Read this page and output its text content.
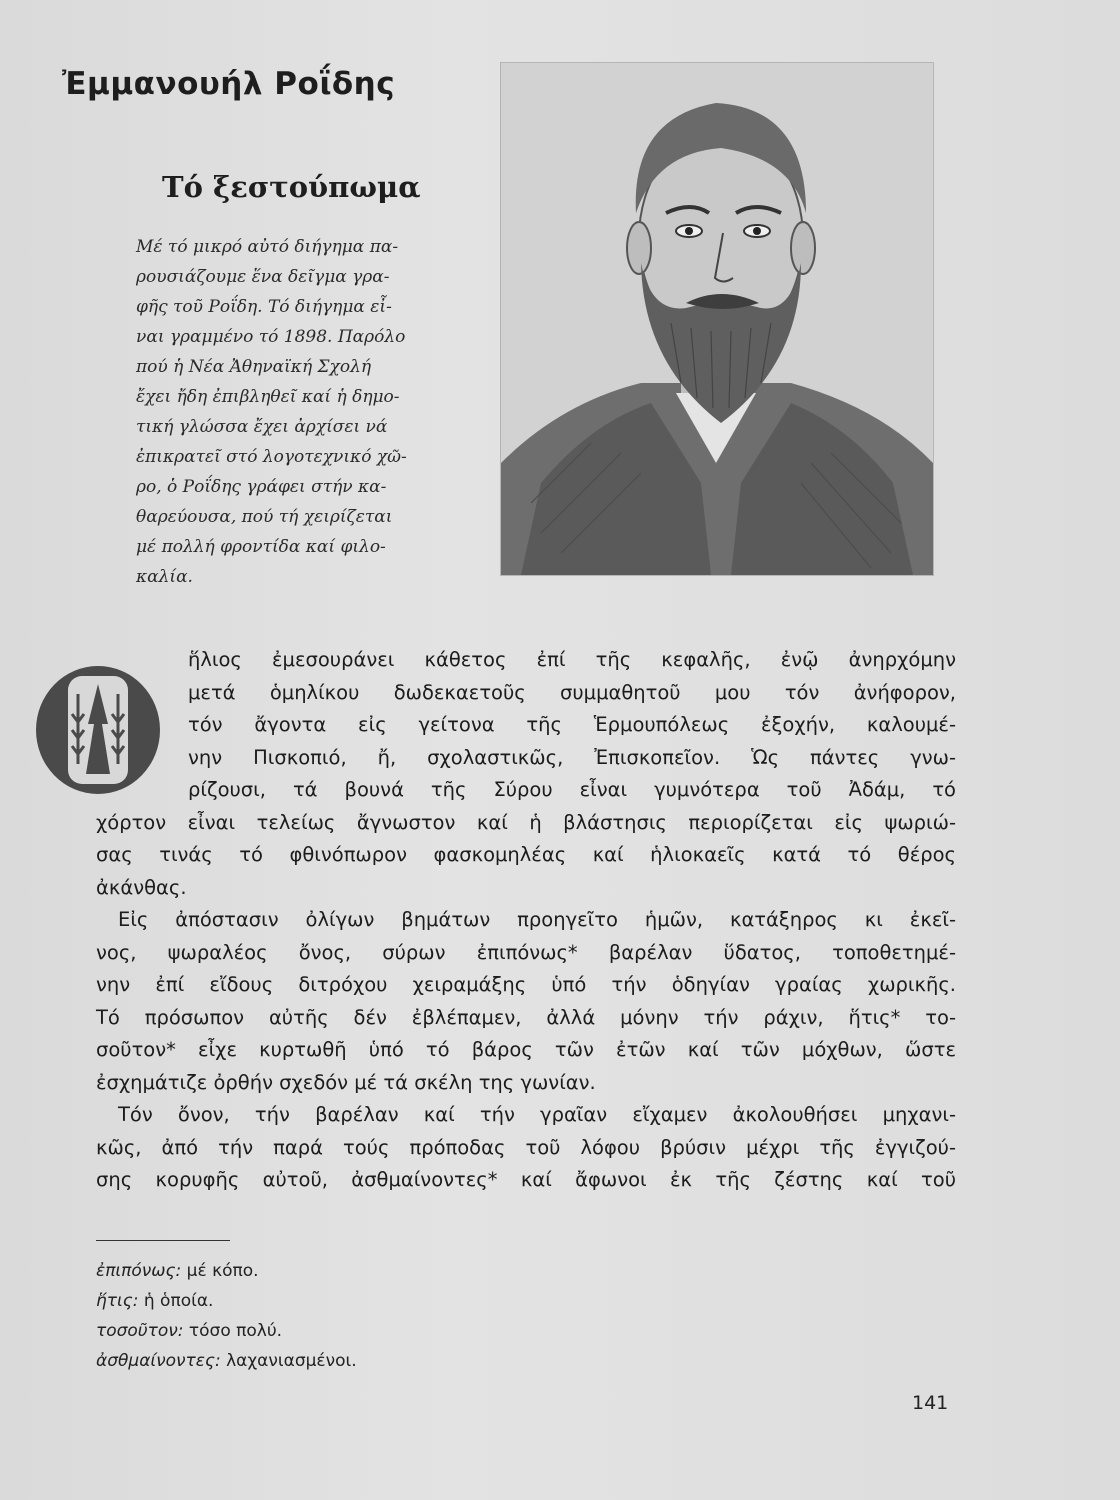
Ἐμμανουήλ Ροΐδης
Τό ξεστούπωμα
Μέ τό μικρό αὐτό διήγημα πα-
ρουσιάζουμε ἕνα δεῖγμα γρα-
φῆς τοῦ Ροΐδη. Τό διήγημα εἶ-
ναι γραμμένο τό 1898. Παρόλο
πού ἡ Νέα Ἀθηναϊκή Σχολή
ἔχει ἤδη ἐπιβληθεῖ καί ἡ δημο-
τική γλώσσα ἔχει ἀρχίσει νά
ἐπικρατεῖ στό λογοτεχνικό χῶ-
ρο, ὁ Ροΐδης γράφει στήν κα-
θαρεύουσα, πού τή χειρίζεται
μέ πολλή φροντίδα καί φιλο-
καλία.
ἥλιος ἐμεσουράνει κάθετος ἐπί τῆς κεφαλῆς, ἐνῷ ἀνηρχόμην
μετά ὁμηλίκου δωδεκαετοῦς συμμαθητοῦ μου τόν ἀνήφορον,
τόν ἄγοντα εἰς γείτονα τῆς Ἑρμουπόλεως ἐξοχήν, καλουμέ-
νην Πισκοπιό, ἤ, σχολαστικῶς, Ἐπισκοπεῖον. Ὡς πάντες γνω-
ρίζουσι, τά βουνά τῆς Σύρου εἶναι γυμνότερα τοῦ Ἀδάμ, τό
χόρτον εἶναι τελείως ἄγνωστον καί ἡ βλάστησις περιορίζεται εἰς ψωριώ-
σας τινάς τό φθινόπωρον φασκομηλέας καί ἡλιοκαεῖς κατά τό θέρος
ἀκάνθας.
Εἰς ἀπόστασιν ὀλίγων βημάτων προηγεῖτο ἡμῶν, κατάξηρος κι ἐκεῖ-
νος, ψωραλέος ὄνος, σύρων ἐπιπόνως* βαρέλαν ὕδατος, τοποθετημέ-
νην ἐπί εἴδους διτρόχου χειραμάξης ὑπό τήν ὁδηγίαν γραίας χωρικῆς.
Τό πρόσωπον αὐτῆς δέν ἐβλέπαμεν, ἀλλά μόνην τήν ράχιν, ἥτις* το-
σοῦτον* εἶχε κυρτωθῆ ὑπό τό βάρος τῶν ἐτῶν καί τῶν μόχθων, ὥστε
ἐσχημάτιζε ὀρθήν σχεδόν μέ τά σκέλη της γωνίαν.
Τόν ὄνον, τήν βαρέλαν καί τήν γραῖαν εἴχαμεν ἀκολουθήσει μηχανι-
κῶς, ἀπό τήν παρά τούς πρόποδας τοῦ λόφου βρύσιν μέχρι τῆς ἐγγιζού-
σης κορυφῆς αὐτοῦ, ἀσθμαίνοντες* καί ἄφωνοι ἐκ τῆς ζέστης καί τοῦ
ἐπιπόνως: μέ κόπο.
ἥτις: ἡ ὁποία.
τοσοῦτον: τόσο πολύ.
ἀσθμαίνοντες: λαχανιασμένοι.
141
